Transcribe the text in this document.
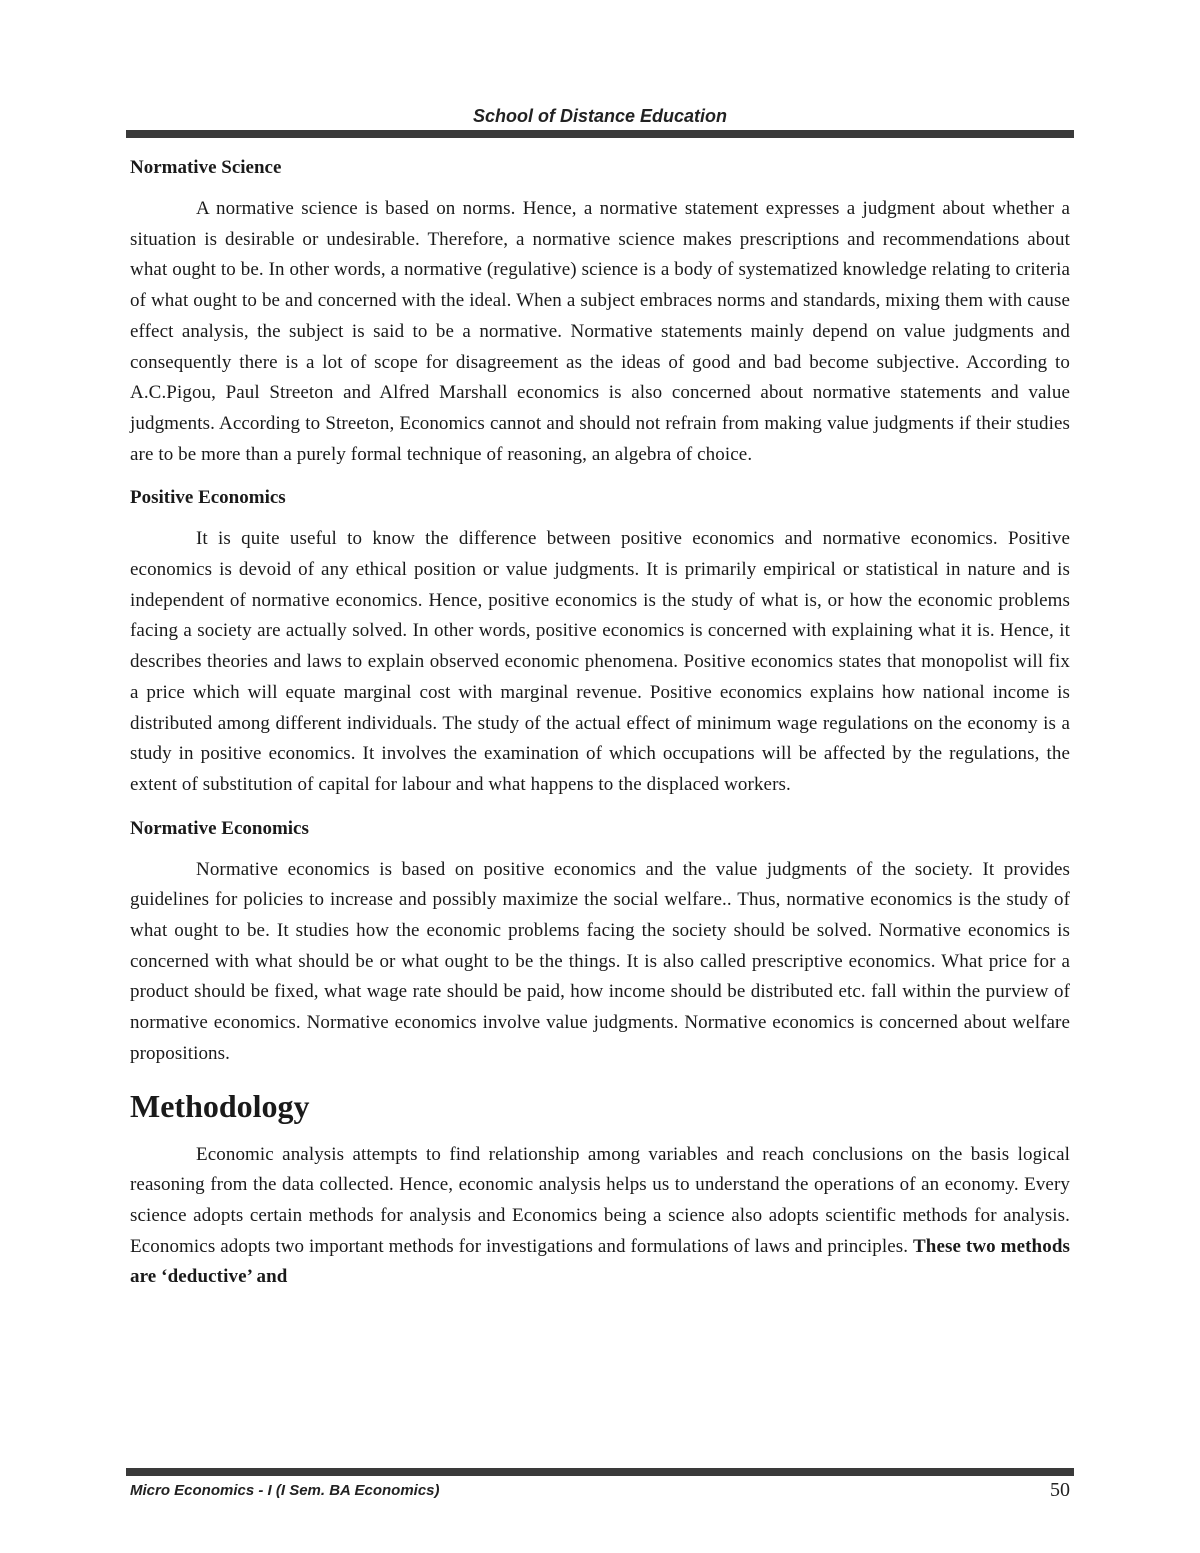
School of Distance Education
Normative Science

A normative science is based on norms. Hence, a normative statement expresses a judgment about whether a situation is desirable or undesirable. Therefore, a normative science makes prescriptions and recommendations about what ought to be. In other words, a normative (regulative) science is a body of systematized knowledge relating to criteria of what ought to be and concerned with the ideal. When a subject embraces norms and standards, mixing them with cause effect analysis, the subject is said to be a normative. Normative statements mainly depend on value judgments and consequently there is a lot of scope for disagreement as the ideas of good and bad become subjective. According to A.C.Pigou, Paul Streeton and Alfred Marshall economics is also concerned about normative statements and value judgments. According to Streeton, Economics cannot and should not refrain from making value judgments if their studies are to be more than a purely formal technique of reasoning, an algebra of choice.

Positive Economics

It is quite useful to know the difference between positive economics and normative economics. Positive economics is devoid of any ethical position or value judgments. It is primarily empirical or statistical in nature and is independent of normative economics. Hence, positive economics is the study of what is, or how the economic problems facing a society are actually solved. In other words, positive economics is concerned with explaining what it is. Hence, it describes theories and laws to explain observed economic phenomena. Positive economics states that monopolist will fix a price which will equate marginal cost with marginal revenue. Positive economics explains how national income is distributed among different individuals. The study of the actual effect of minimum wage regulations on the economy is a study in positive economics. It involves the examination of which occupations will be affected by the regulations, the extent of substitution of capital for labour and what happens to the displaced workers.

Normative Economics

Normative economics is based on positive economics and the value judgments of the society. It provides guidelines for policies to increase and possibly maximize the social welfare.. Thus, normative economics is the study of what ought to be. It studies how the economic problems facing the society should be solved. Normative economics is concerned with what should be or what ought to be the things. It is also called prescriptive economics. What price for a product should be fixed, what wage rate should be paid, how income should be distributed etc. fall within the purview of normative economics. Normative economics involve value judgments. Normative economics is concerned about welfare propositions.

Methodology

Economic analysis attempts to find relationship among variables and reach conclusions on the basis logical reasoning from the data collected. Hence, economic analysis helps us to understand the operations of an economy. Every science adopts certain methods for analysis and Economics being a science also adopts scientific methods for analysis. Economics adopts two important methods for investigations and formulations of laws and principles. These two methods are ‘deductive’ and

Micro Economics - I (I Sem. BA Economics)	50
